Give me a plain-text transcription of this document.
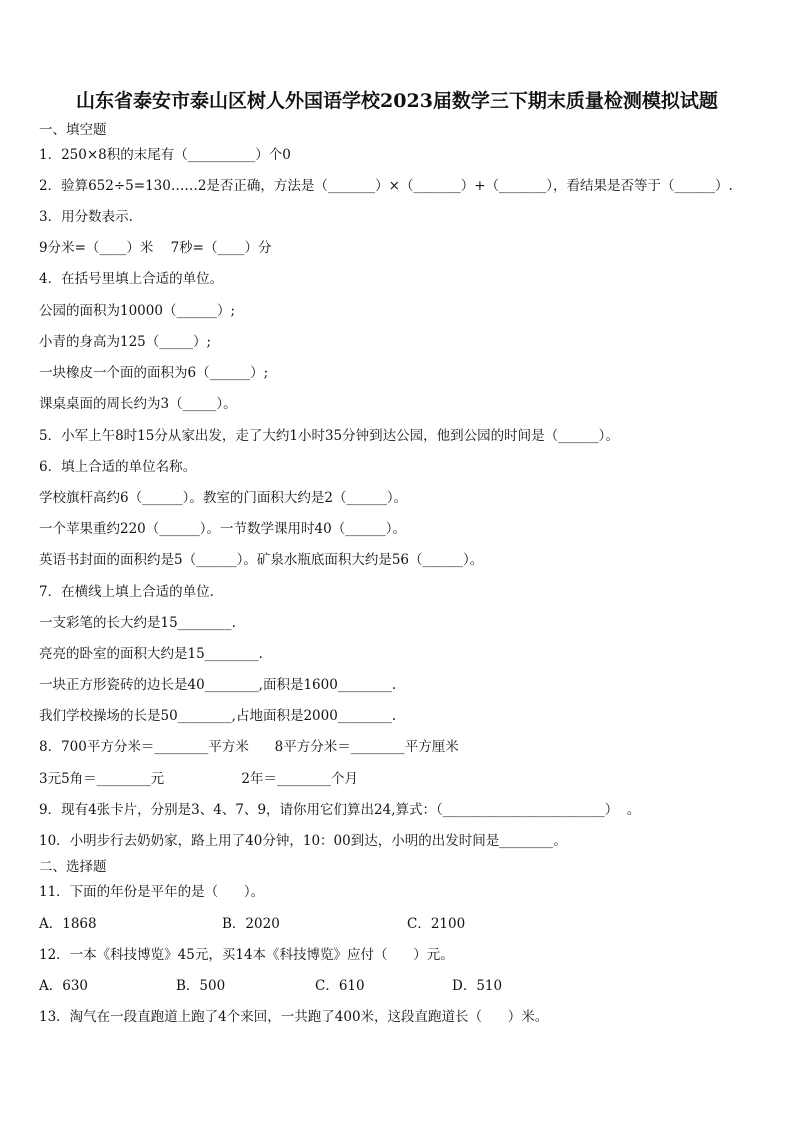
山东省泰安市泰山区树人外国语学校2023届数学三下期末质量检测模拟试题
一、填空题
1．250×8积的末尾有（__________）个0
2．验算652÷5=130……2是否正确，方法是（_______）×（_______）+（_______），看结果是否等于（______）.
3．用分数表示.
9分米=（____）米    7秒=（____）分
4．在括号里填上合适的单位。
公园的面积为10000（______）;
小青的身高为125（_____）;
一块橡皮一个面的面积为6（______）;
课桌桌面的周长约为3（_____）。
5．小军上午8时15分从家出发，走了大约1小时35分钟到达公园，他到公园的时间是（______）。
6．填上合适的单位名称。
学校旗杆高约6（______）。教室的门面积大约是2（______）。
一个苹果重约220（______）。一节数学课用时40（______）。
英语书封面的面积约是5（______）。矿泉水瓶底面积大约是56（______）。
7．在横线上填上合适的单位.
一支彩笔的长大约是15________.
亮亮的卧室的面积大约是15________.
一块正方形瓷砖的边长是40________,面积是1600________.
我们学校操场的长是50________,占地面积是2000________.
8．700平方分米＝________平方米      8平方分米＝________平方厘米
3元5角＝________元                  2年＝________个月
9．现有4张卡片，分别是3、4、7、9，请你用它们算出24,算式：（________________________）  。
10．小明步行去奶奶家，路上用了40分钟，10：00到达，小明的出发时间是________。
二、选择题
11．下面的年份是平年的是（      ）。
A．1868	B．2020	C．2100
12．一本《科技博览》45元，买14本《科技博览》应付（      ）元。
A．630	B．500	C．610	D．510
13．淘气在一段直跑道上跑了4个来回，一共跑了400米，这段直跑道长（      ）米。
